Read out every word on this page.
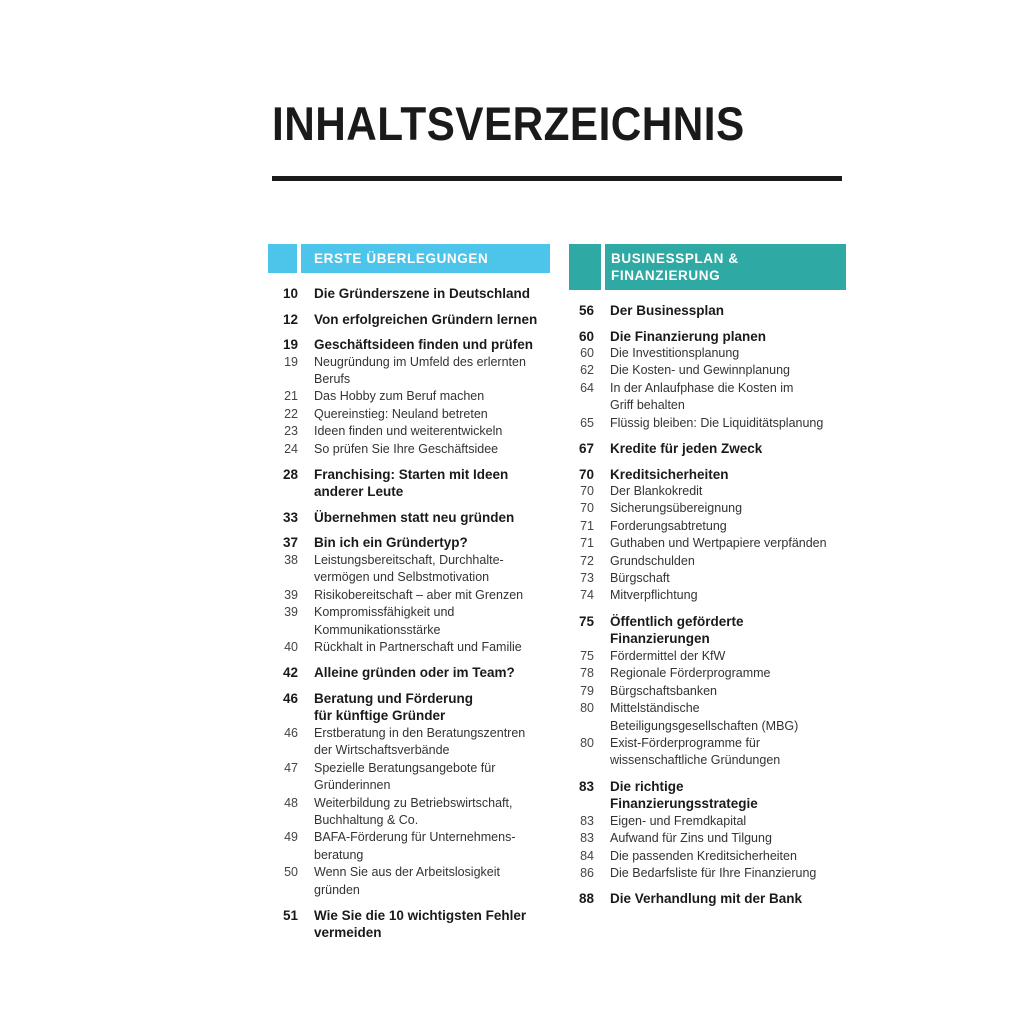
INHALTSVERZEICHNIS
ERSTE ÜBERLEGUNGEN
10 Die Gründerszene in Deutschland
12 Von erfolgreichen Gründern lernen
19 Geschäftsideen finden und prüfen
19 Neugründung im Umfeld des erlernten
Berufs
21 Das Hobby zum Beruf machen
22 Quereinstieg: Neuland betreten
23 Ideen finden und weiterentwickeln
24 So prüfen Sie Ihre Geschäftsidee
28 Franchising: Starten mit Ideen
anderer Leute
33 Übernehmen statt neu gründen
37 Bin ich ein Gründertyp?
38 Leistungsbereitschaft, Durchhalte-
vermögen und Selbstmotivation
39 Risikobereitschaft – aber mit Grenzen
39 Kompromissfähigkeit und
Kommunikationsstärke
40 Rückhalt in Partnerschaft und Familie
42 Alleine gründen oder im Team?
46 Beratung und Förderung
für künftige Gründer
46 Erstberatung in den Beratungszentren
der Wirtschaftsverbände
47 Spezielle Beratungsangebote für
Gründerinnen
48 Weiterbildung zu Betriebswirtschaft,
Buchhaltung & Co.
49 BAFA-Förderung für Unternehmens-
beratung
50 Wenn Sie aus der Arbeitslosigkeit
gründen
51 Wie Sie die 10 wichtigsten Fehler
vermeiden
BUSINESSPLAN &
FINANZIERUNG
56 Der Businessplan
60 Die Finanzierung planen
60 Die Investitionsplanung
62 Die Kosten- und Gewinnplanung
64 In der Anlaufphase die Kosten im
Griff behalten
65 Flüssig bleiben: Die Liquiditätsplanung
67 Kredite für jeden Zweck
70 Kreditsicherheiten
70 Der Blankokredit
70 Sicherungsübereignung
71 Forderungsabtretung
71 Guthaben und Wertpapiere verpfänden
72 Grundschulden
73 Bürgschaft
74 Mitverpflichtung
75 Öffentlich geförderte
Finanzierungen
75 Fördermittel der KfW
78 Regionale Förderprogramme
79 Bürgschaftsbanken
80 Mittelständische
Beteiligungsgesellschaften (MBG)
80 Exist-Förderprogramme für
wissenschaftliche Gründungen
83 Die richtige
Finanzierungsstrategie
83 Eigen- und Fremdkapital
83 Aufwand für Zins und Tilgung
84 Die passenden Kreditsicherheiten
86 Die Bedarfsliste für Ihre Finanzierung
88 Die Verhandlung mit der Bank
